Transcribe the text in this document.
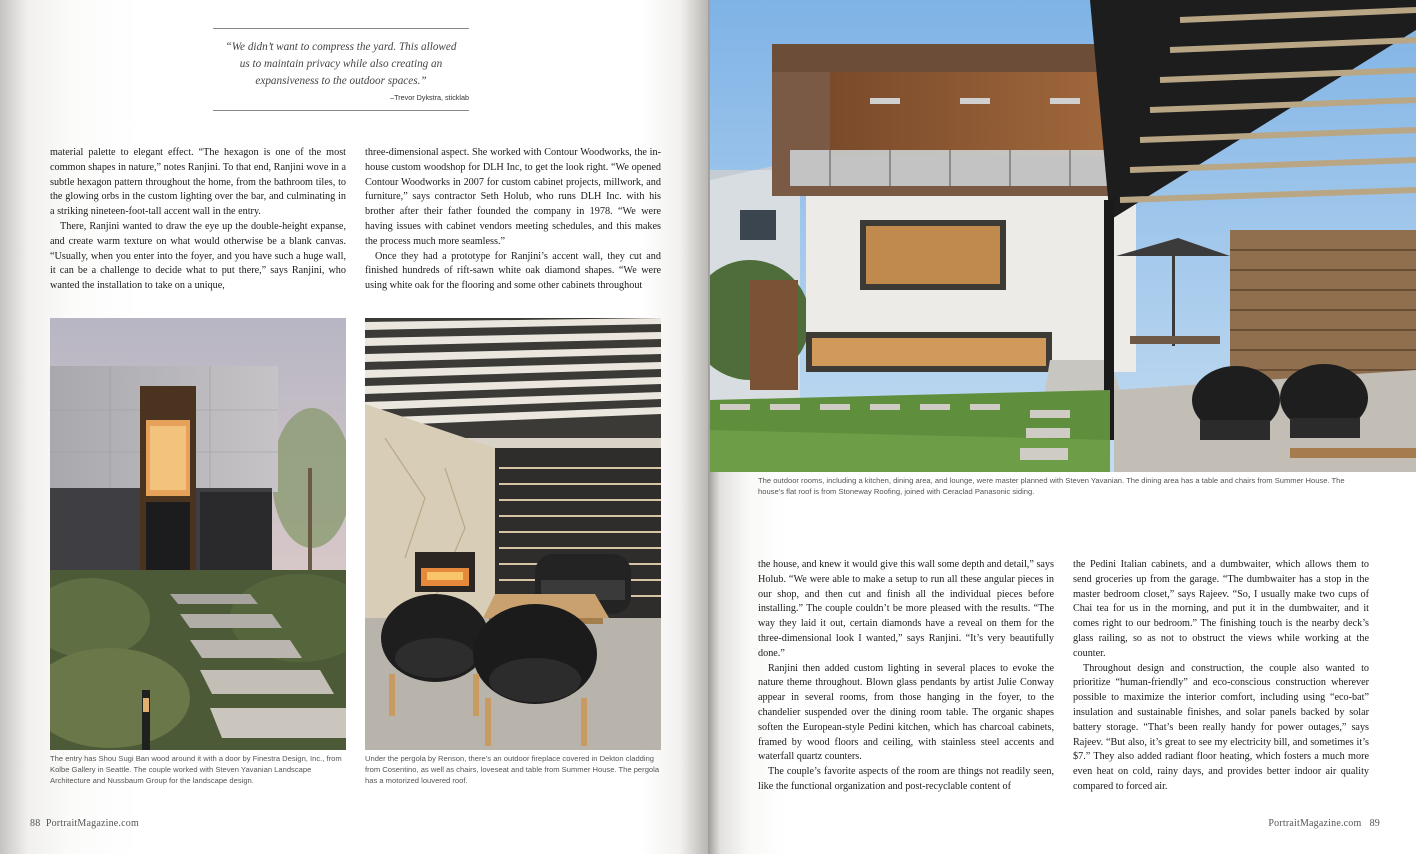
“We didn’t want to compress the yard. This allowed
us to maintain privacy while also creating an
expansiveness to the outdoor spaces.”

–Trevor Dykstra, sticklab

material palette to elegant effect. “The hexagon is one of the most common shapes in nature,” notes Ranjini. To that end, Ranjini wove in a subtle hexagon pattern throughout the home, from the bathroom tiles, to the glowing orbs in the custom lighting over the bar, and culminating in a striking nineteen-foot-tall accent wall in the entry.

There, Ranjini wanted to draw the eye up the double-height expanse, and create warm texture on what would otherwise be a blank canvas. “Usually, when you enter into the foyer, and you have such a huge wall, it can be a challenge to decide what to put there,” says Ranjini, who wanted the installation to take on a unique,

three-dimensional aspect. She worked with Contour Woodworks, the in-house custom woodshop for DLH Inc, to get the look right. “We opened Contour Woodworks in 2007 for custom cabinet projects, millwork, and furniture,” says contractor Seth Holub, who runs DLH Inc. with his brother after their father founded the company in 1978. “We were having issues with cabinet vendors meeting schedules, and this makes the process much more seamless.”

Once they had a prototype for Ranjini’s accent wall, they cut and finished hundreds of rift-sawn white oak diamond shapes. “We were using white oak for the flooring and some other cabinets throughout

The entry has Shou Sugi Ban wood around it with a door by Finestra Design, Inc., from Kolbe Gallery in Seattle. The couple worked with Steven Yavanian Landscape Architecture and Nussbaum Group for the landscape design.
Under the pergola by Renson, there’s an outdoor fireplace covered in Dekton cladding from Cosentino, as well as chairs, loveseat and table from Summer House. The pergola has a motorized louvered roof.
88 PortraitMagazine.com
The outdoor rooms, including a kitchen, dining area, and lounge, were master planned with Steven Yavanian. The dining area has a table and chairs from Summer House. The house’s flat roof is from Stoneway Roofing, joined with Ceraclad Panasonic siding.

the house, and knew it would give this wall some depth and detail,” says Holub. “We were able to make a setup to run all these angular pieces in our shop, and then cut and finish all the individual pieces before installing.” The couple couldn’t be more pleased with the results. “The way they laid it out, certain diamonds have a reveal on them for the three-dimensional look I wanted,” says Ranjini. “It’s very beautifully done.”

Ranjini then added custom lighting in several places to evoke the nature theme throughout. Blown glass pendants by artist Julie Conway appear in several rooms, from those hanging in the foyer, to the chandelier suspended over the dining room table. The organic shapes soften the European-style Pedini kitchen, which has charcoal cabinets, framed by wood floors and ceiling, with stainless steel accents and waterfall quartz counters.

The couple’s favorite aspects of the room are things not readily seen, like the functional organization and post-recyclable content of

the Pedini Italian cabinets, and a dumbwaiter, which allows them to send groceries up from the garage. “The dumbwaiter has a stop in the master bedroom closet,” says Rajeev. “So, I usually make two cups of Chai tea for us in the morning, and put it in the dumbwaiter, and it comes right to our bedroom.” The finishing touch is the nearby deck’s glass railing, so as not to obstruct the views while working at the counter.

Throughout design and construction, the couple also wanted to prioritize “human-friendly” and eco-conscious construction wherever possible to maximize the interior comfort, including using “eco-bat” insulation and sustainable finishes, and solar panels backed by solar battery storage. “That’s been really handy for power outages,” says Rajeev. “But also, it’s great to see my electricity bill, and sometimes it’s $7.” They also added radiant floor heating, which fosters a much more even heat on cold, rainy days, and provides better indoor air quality compared to forced air.

PortraitMagazine.com 89
